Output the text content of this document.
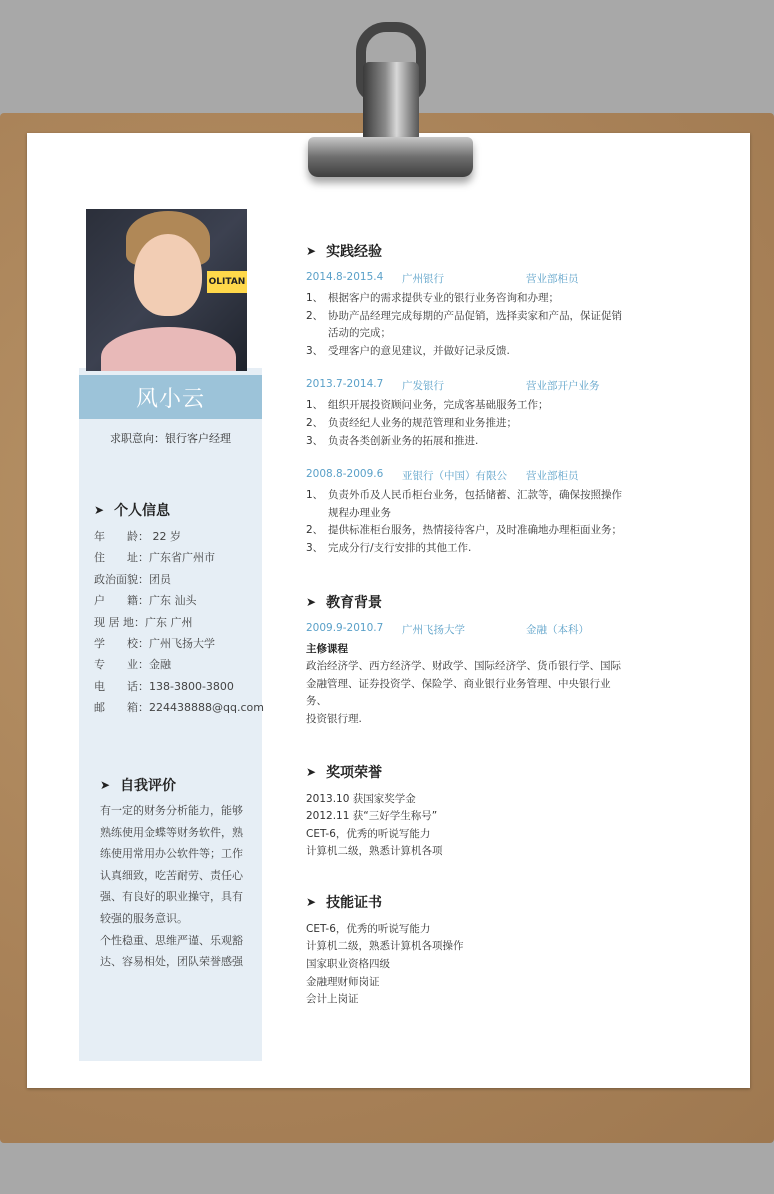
OLITAN
风小云
求职意向：银行客户经理
➤ 个人信息
年　　龄： 22 岁
住　　址：广东省广州市
政治面貌：团员
户　　籍：广东 汕头
现 居 地：广东 广州
学　　校：广州飞扬大学
专　　业：金融
电　　话：138-3800-3800
邮　　箱：224438888@qq.com
➤ 自我评价
有一定的财务分析能力，能够
熟练使用金蝶等财务软件，熟
练使用常用办公软件等；工作
认真细致，吃苦耐劳、责任心
强、有良好的职业操守，具有
较强的服务意识。
个性稳重、思维严谨、乐观豁
达、容易相处，团队荣誉感强
➤ 实践经验
2014.8-2015.4	广州银行	营业部柜员
1、 根据客户的需求提供专业的银行业务咨询和办理；
2、 协助产品经理完成每期的产品促销，选择卖家和产品，保证促销
活动的完成；
3、 受理客户的意见建议，并做好记录反馈.
2013.7-2014.7	广发银行	营业部开户业务
1、 组织开展投资顾问业务，完成客基础服务工作；
2、 负责经纪人业务的规范管理和业务推进；
3、 负责各类创新业务的拓展和推进.
2008.8-2009.6	亚银行（中国）有限公	营业部柜员
1、 负责外币及人民币柜台业务，包括储蓄、汇款等，确保按照操作
规程办理业务
2、 提供标准柜台服务，热情接待客户，及时准确地办理柜面业务；
3、 完成分行/支行安排的其他工作.
➤ 教育背景
2009.9-2010.7	广州飞扬大学	金融（本科）
主修课程
政治经济学、西方经济学、财政学、国际经济学、货币银行学、国际
金融管理、证券投资学、保险学、商业银行业务管理、中央银行业务、
投资银行理.
➤ 奖项荣誉
2013.10 获国家奖学金
2012.11 获“三好学生称号”
CET-6，优秀的听说写能力
计算机二级，熟悉计算机各项
➤ 技能证书
CET-6，优秀的听说写能力
计算机二级，熟悉计算机各项操作
国家职业资格四级
金融理财师岗证
会计上岗证
